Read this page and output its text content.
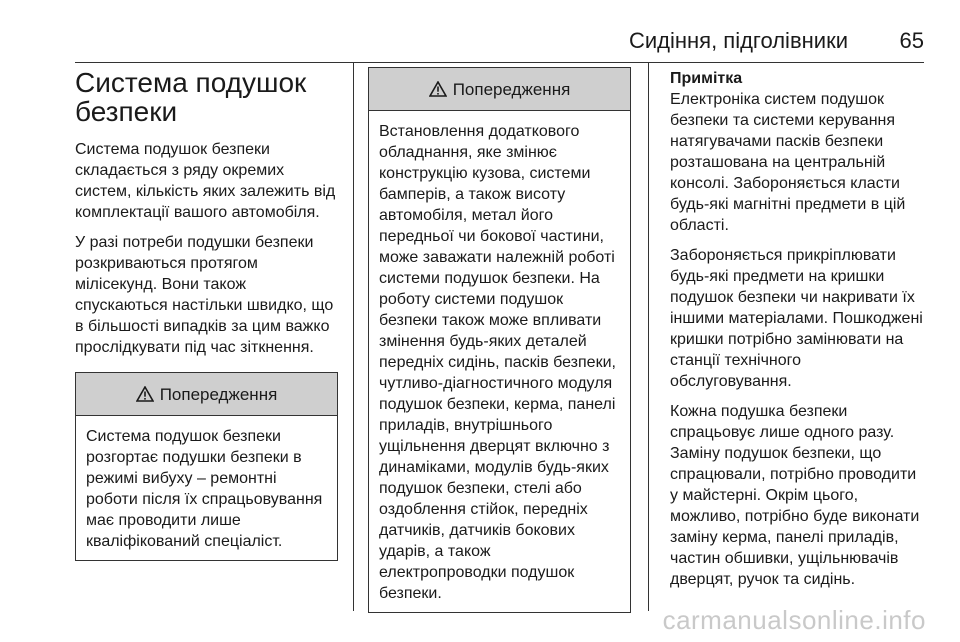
Сидіння, підголівники 65
Система подушок
безпеки

Система подушок безпеки
складається з ряду окремих
систем, кількість яких залежить від
комплектації вашого автомобіля.

У разі потреби подушки безпеки
розкриваються протягом
мілісекунд. Вони також
спускаються настільки швидко, що
в більшості випадків за цим важко
прослідкувати під час зіткнення.

Попередження
Система подушок безпеки
розгортає подушки безпеки в
режимі вибуху – ремонтні
роботи після їх спрацьовування
має проводити лише
кваліфікований спеціаліст.
Попередження
Встановлення додаткового
обладнання, яке змінює
конструкцію кузова, системи
бамперів, а також висоту
автомобіля, метал його
передньої чи бокової частини,
може заважати належній роботі
системи подушок безпеки. На
роботу системи подушок
безпеки також може впливати
змінення будь-яких деталей
передніх сидінь, пасків безпеки,
чутливо-діагностичного модуля
подушок безпеки, керма, панелі
приладів, внутрішнього
ущільнення дверцят включно з
динаміками, модулів будь-яких
подушок безпеки, стелі або
оздоблення стійок, передніх
датчиків, датчиків бокових
ударів, а також
електропроводки подушок
безпеки.

Примітка
Електроніка систем подушок
безпеки та системи керування
натягувачами пасків безпеки
розташована на центральній
консолі. Забороняється класти
будь-які магнітні предмети в цій
області.

Забороняється прикріплювати
будь-які предмети на кришки
подушок безпеки чи накривати їх
іншими матеріалами. Пошкоджені
кришки потрібно замінювати на
станції технічного
обслуговування.

Кожна подушка безпеки
спрацьовує лише одного разу.
Заміну подушок безпеки, що
спрацювали, потрібно проводити
у майстерні. Окрім цього,
можливо, потрібно буде виконати
заміну керма, панелі приладів,
частин обшивки, ущільнювачів
дверцят, ручок та сидінь.

carmanualsonline.info
